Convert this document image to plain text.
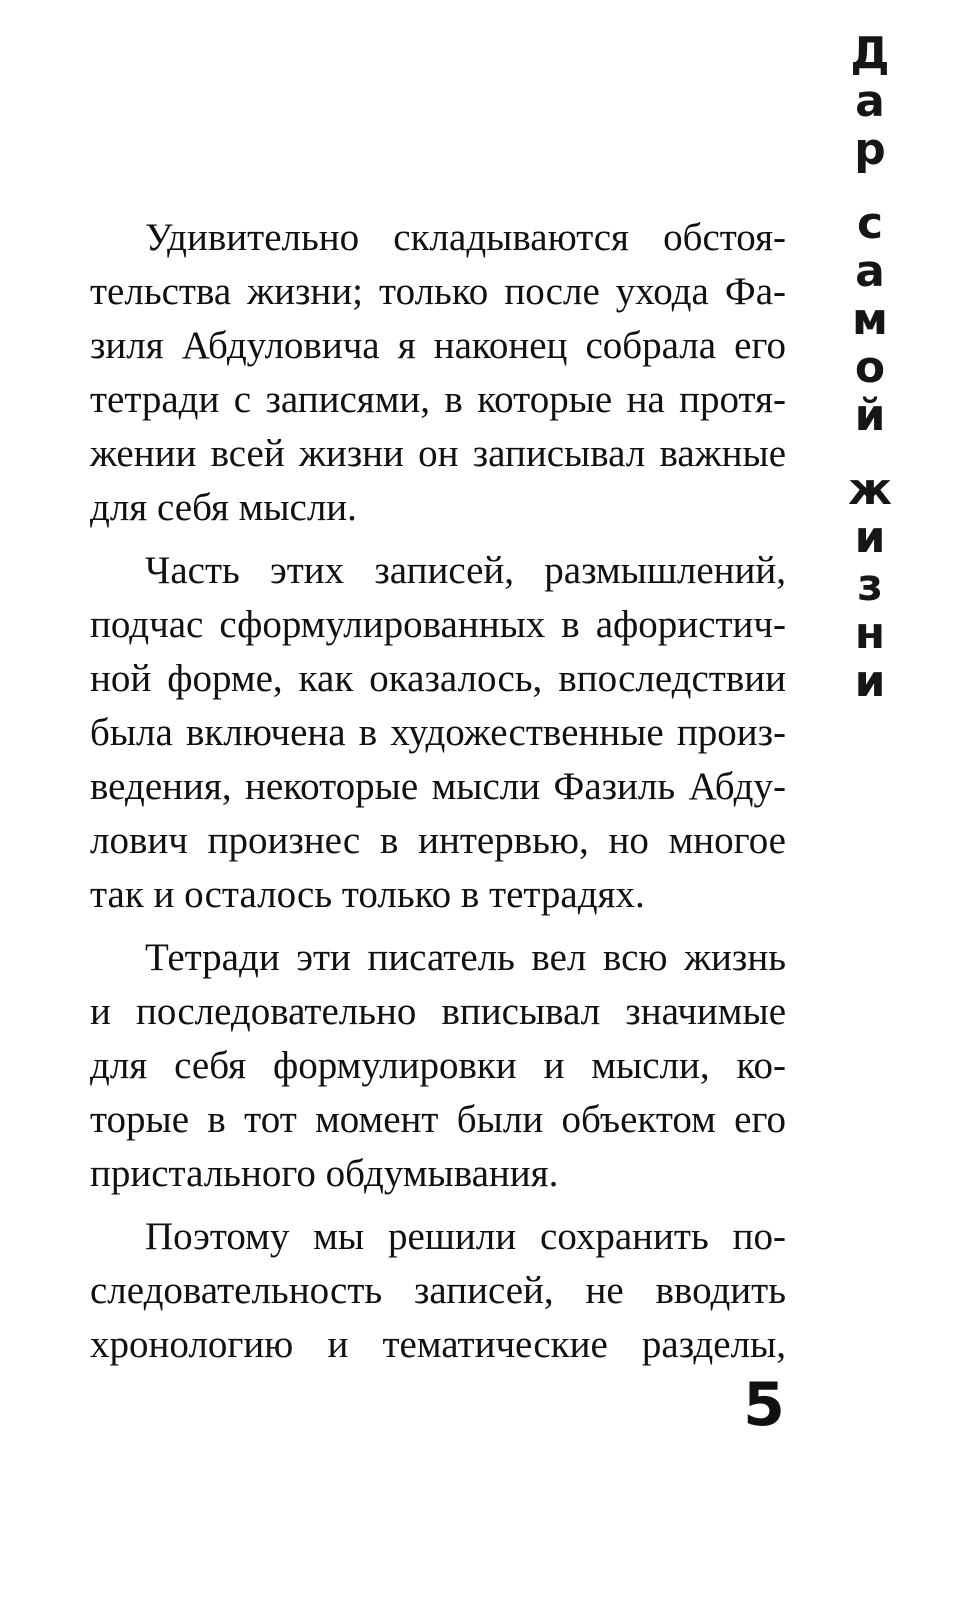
Д
а
р
с
а
м
о
й
ж
и
з
н
и
Удивительно складываются обстоя-
тельства жизни; только после ухода Фа-
зиля Абдуловича я наконец собрала его
тетради с записями, в которые на протя-
жении всей жизни он записывал важные
для себя мысли.
Часть этих записей, размышлений,
подчас сформулированных в афористич-
ной форме, как оказалось, впоследствии
была включена в художественные произ-
ведения, некоторые мысли Фазиль Абду-
лович произнес в интервью, но многое
так и осталось только в тетрадях.
Тетради эти писатель вел всю жизнь
и последовательно вписывал значимые
для себя формулировки и мысли, ко-
торые в тот момент были объектом его
пристального обдумывания.
Поэтому мы решили сохранить по-
следовательность записей, не вводить
хронологию и тематические разделы,
5
